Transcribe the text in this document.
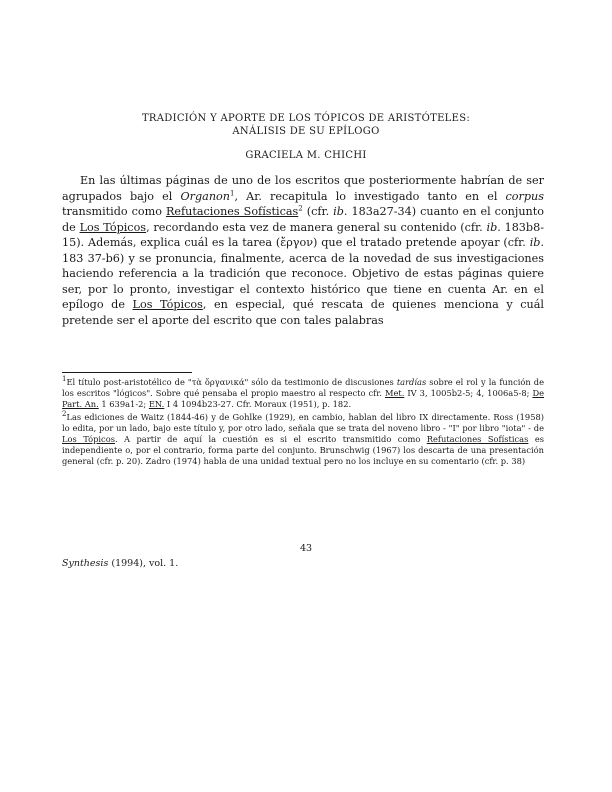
TRADICIÓN Y APORTE DE LOS TÓPICOS DE ARISTÓTELES:
ANÁLISIS DE SU EPÍLOGO
GRACIELA M. CHICHI

En las últimas páginas de uno de los escritos que posteriormente habrían de ser agrupados bajo el Organon$^1$, Ar. recapitula lo investigado tanto en el corpus transmitido como Refutaciones Sofísticas$^2$ (cfr. ib. 183a27-34) cuanto en el conjunto de Los Tópicos, recordando esta vez de manera general su contenido (cfr. ib. 183b8-15). Además, explica cuál es la tarea (ἔργον) que el tratado pretende apoyar (cfr. ib. 183 37-b6) y se pronuncia, finalmente, acerca de la novedad de sus investigaciones haciendo referencia a la tradición que reconoce. Objetivo de estas páginas quiere ser, por lo pronto, investigar el contexto histórico que tiene en cuenta Ar. en el epílogo de Los Tópicos, en especial, qué rescata de quienes menciona y cuál pretende ser el aporte del escrito que con tales palabras

$^1$El título post-aristotélico de "τὰ ὄργανικά" sólo da testimonio de discusiones tardías sobre el rol y la función de los escritos "lógicos". Sobre qué pensaba el propio maestro al respecto cfr. Met. IV 3, 1005b2-5; 4, 1006a5-8; De Part. An. 1 639a1-2; EN. I 4 1094b23-27. Cfr. Moraux (1951), p. 182.

$^2$Las ediciones de Waitz (1844-46) y de Gohlke (1929), en cambio, hablan del libro IX directamente. Ross (1958) lo edita, por un lado, bajo este título y, por otro lado, señala que se trata del noveno libro - "I" por libro "iota" - de Los Tópicos. A partir de aquí la cuestión es si el escrito transmitido como Refutaciones Sofísticas es independiente o, por el contrario, forma parte del conjunto. Brunschwig (1967) los descarta de una presentación general (cfr. p. 20). Zadro (1974) habla de una unidad textual pero no los incluye en su comentario (cfr. p. 38)

43
Synthesis (1994), vol. 1.
